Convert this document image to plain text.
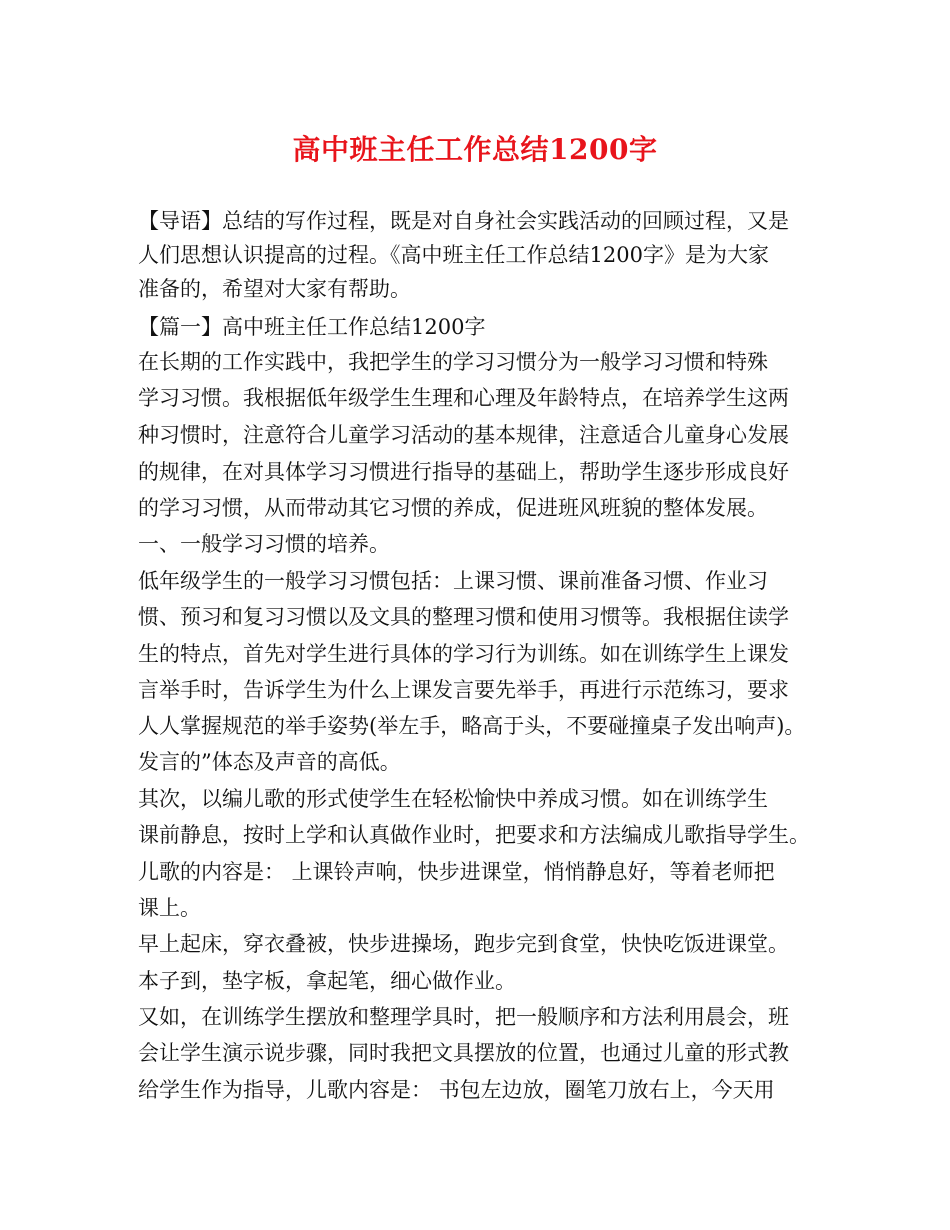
高中班主任工作总结1200字
【导语】总结的写作过程，既是对自身社会实践活动的回顾过程，又是
人们思想认识提高的过程。《高中班主任工作总结1200字》是为大家
准备的，希望对大家有帮助。
【篇一】高中班主任工作总结1200字
在长期的工作实践中，我把学生的学习习惯分为一般学习习惯和特殊
学习习惯。我根据低年级学生生理和心理及年龄特点，在培养学生这两
种习惯时，注意符合儿童学习活动的基本规律，注意适合儿童身心发展
的规律，在对具体学习习惯进行指导的基础上，帮助学生逐步形成良好
的学习习惯，从而带动其它习惯的养成，促进班风班貌的整体发展。
一、一般学习习惯的培养。
低年级学生的一般学习习惯包括：上课习惯、课前准备习惯、作业习
惯、预习和复习习惯以及文具的整理习惯和使用习惯等。我根据住读学
生的特点，首先对学生进行具体的学习行为训练。如在训练学生上课发
言举手时，告诉学生为什么上课发言要先举手，再进行示范练习，要求
人人掌握规范的举手姿势(举左手，略高于头，不要碰撞桌子发出响声)。
发言的”体态及声音的高低。
其次，以编儿歌的形式使学生在轻松愉快中养成习惯。如在训练学生
课前静息，按时上学和认真做作业时，把要求和方法编成儿歌指导学生。
儿歌的内容是： 上课铃声响，快步进课堂，悄悄静息好，等着老师把
课上。
早上起床，穿衣叠被，快步进操场，跑步完到食堂，快快吃饭进课堂。
本子到，垫字板，拿起笔，细心做作业。
又如，在训练学生摆放和整理学具时，把一般顺序和方法利用晨会，班
会让学生演示说步骤，同时我把文具摆放的位置，也通过儿童的形式教
给学生作为指导，儿歌内容是： 书包左边放，圈笔刀放右上，今天用
